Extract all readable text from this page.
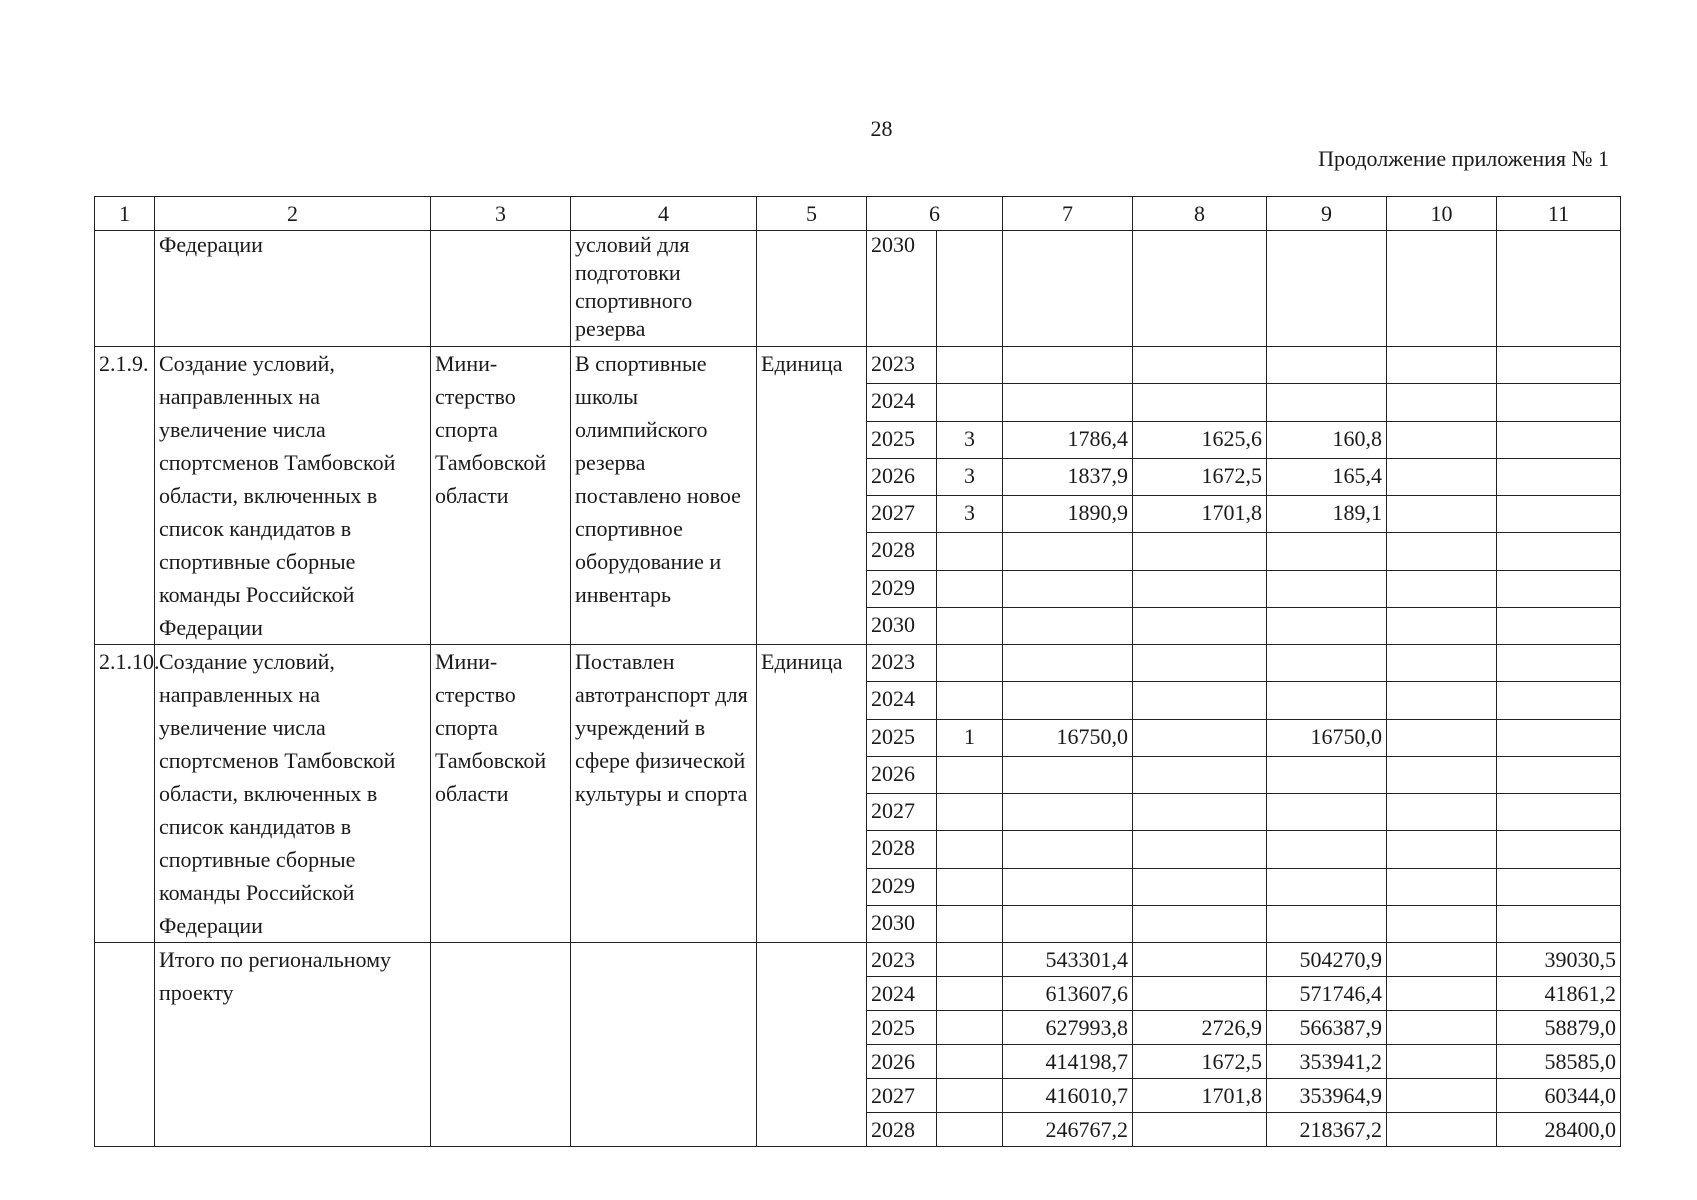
28
Продолжение приложения № 1
1	2	3	4	5	6		7	8	9	10	11
	Федерации		условий для подготовки спортивного резерва		2030						
2.1.9.	Создание условий, направленных на увеличение числа спортсменов Тамбовской области, включенных в список кандидатов в спортивные сборные команды Российской Федерации	Мини-стерство спорта Тамбовской области	В спортивные школы олимпийского резерва поставлено новое спортивное оборудование и инвентарь	Единица	2023						
					2024						
					2025	3	1786,4	1625,6	160,8		
					2026	3	1837,9	1672,5	165,4		
					2027	3	1890,9	1701,8	189,1		
					2028						
					2029						
					2030						
2.1.10.	Создание условий, направленных на увеличение числа спортсменов Тамбовской области, включенных в список кандидатов в спортивные сборные команды Российской Федерации	Мини-стерство спорта Тамбовской области	Поставлен автотранспорт для учреждений в сфере физической культуры и спорта	Единица	2023						
					2024						
					2025	1	16750,0		16750,0		
					2026						
					2027						
					2028						
					2029						
					2030						
	Итого по региональному проекту				2023		543301,4		504270,9		39030,5
					2024		613607,6		571746,4		41861,2
					2025		627993,8	2726,9	566387,9		58879,0
					2026		414198,7	1672,5	353941,2		58585,0
					2027		416010,7	1701,8	353964,9		60344,0
					2028		246767,2		218367,2		28400,0
